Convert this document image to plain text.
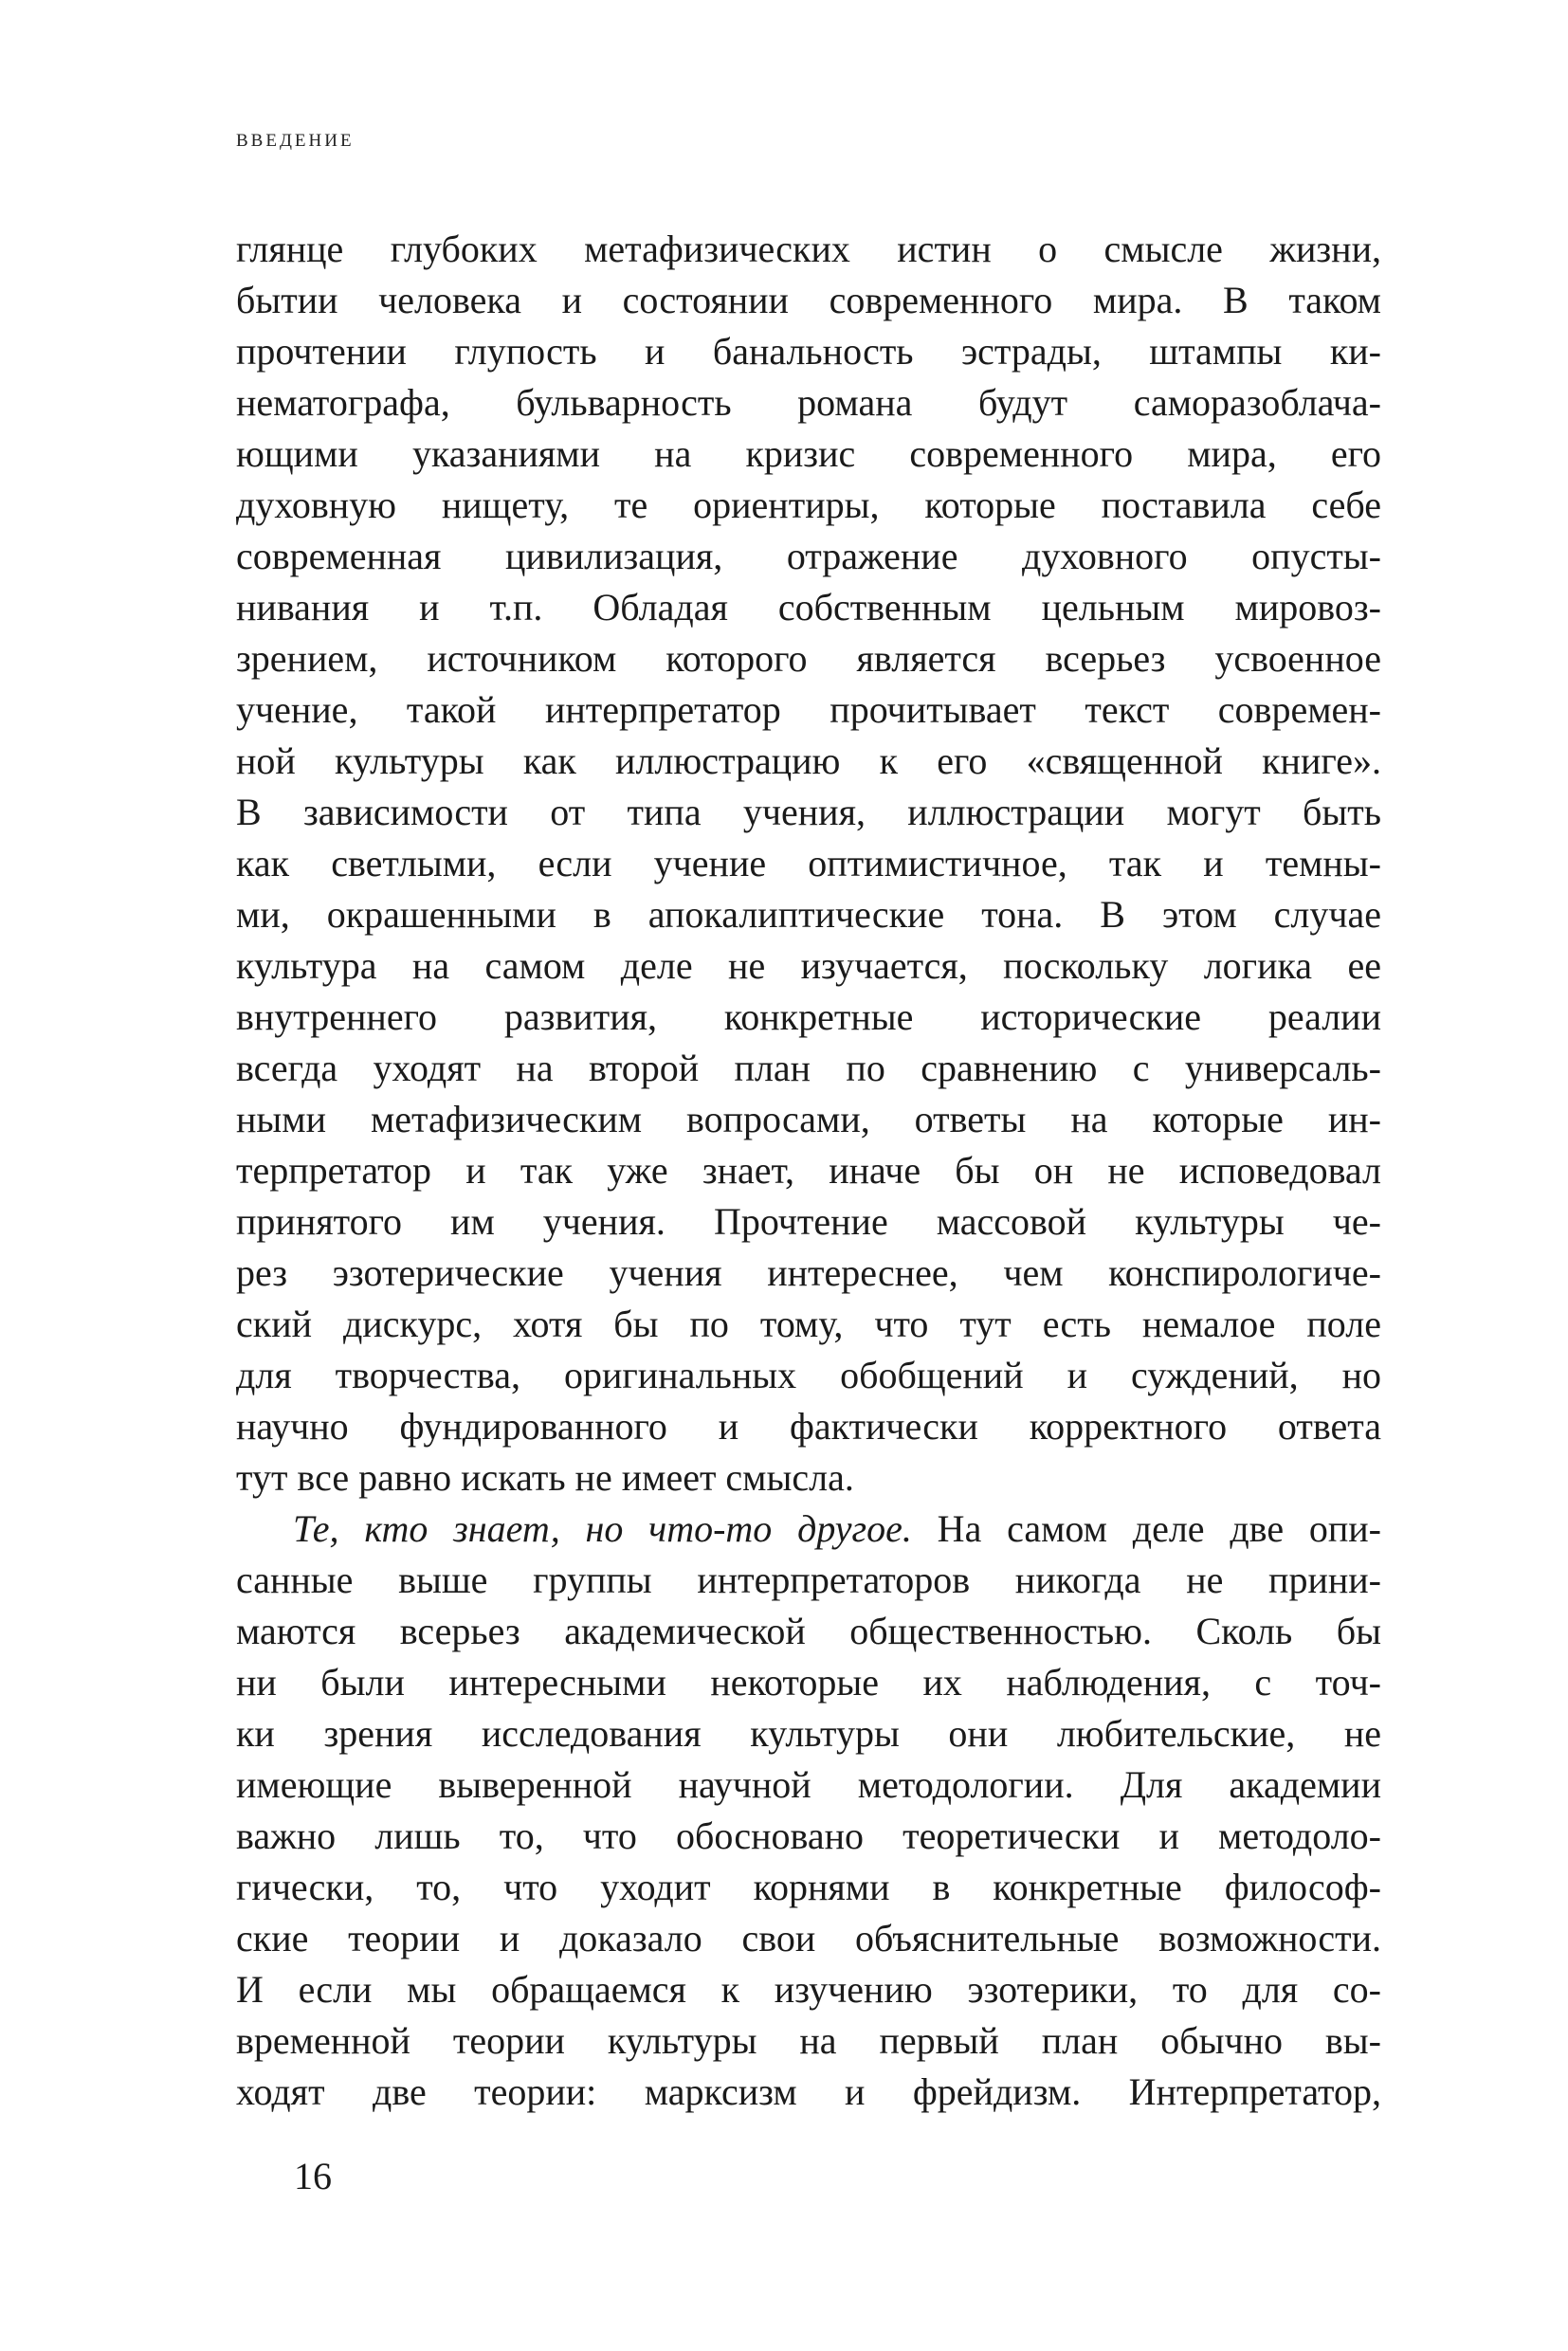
ВВЕДЕНИЕ
глянце глубоких метафизических истин о смысле жизни,
бытии человека и состоянии современного мира. В таком
прочтении глупость и банальность эстрады, штампы ки-
нематографа, бульварность романа будут саморазоблача-
ющими указаниями на кризис современного мира, его
духовную нищету, те ориентиры, которые поставила себе
современная цивилизация, отражение духовного опусты-
нивания и т.п. Обладая собственным цельным мировоз-
зрением, источником которого является всерьез усвоенное
учение, такой интерпретатор прочитывает текст современ-
ной культуры как иллюстрацию к его «священной книге».
В зависимости от типа учения, иллюстрации могут быть
как светлыми, если учение оптимистичное, так и темны-
ми, окрашенными в апокалиптические тона. В этом случае
культура на самом деле не изучается, поскольку логика ее
внутреннего развития, конкретные исторические реалии
всегда уходят на второй план по сравнению с универсаль-
ными метафизическим вопросами, ответы на которые ин-
терпретатор и так уже знает, иначе бы он не исповедовал
принятого им учения. Прочтение массовой культуры че-
рез эзотерические учения интереснее, чем конспирологиче-
ский дискурс, хотя бы по тому, что тут есть немалое поле
для творчества, оригинальных обобщений и суждений, но
научно фундированного и фактически корректного ответа
тут все равно искать не имеет смысла.
Те, кто знает, но что-то другое. На самом деле две опи-
санные выше группы интерпретаторов никогда не прини-
маются всерьез академической общественностью. Сколь бы
ни были интересными некоторые их наблюдения, с точ-
ки зрения исследования культуры они любительские, не
имеющие выверенной научной методологии. Для академии
важно лишь то, что обосновано теоретически и методоло-
гически, то, что уходит корнями в конкретные философ-
ские теории и доказало свои объяснительные возможности.
И если мы обращаемся к изучению эзотерики, то для со-
временной теории культуры на первый план обычно вы-
ходят две теории: марксизм и фрейдизм. Интерпретатор,
16
